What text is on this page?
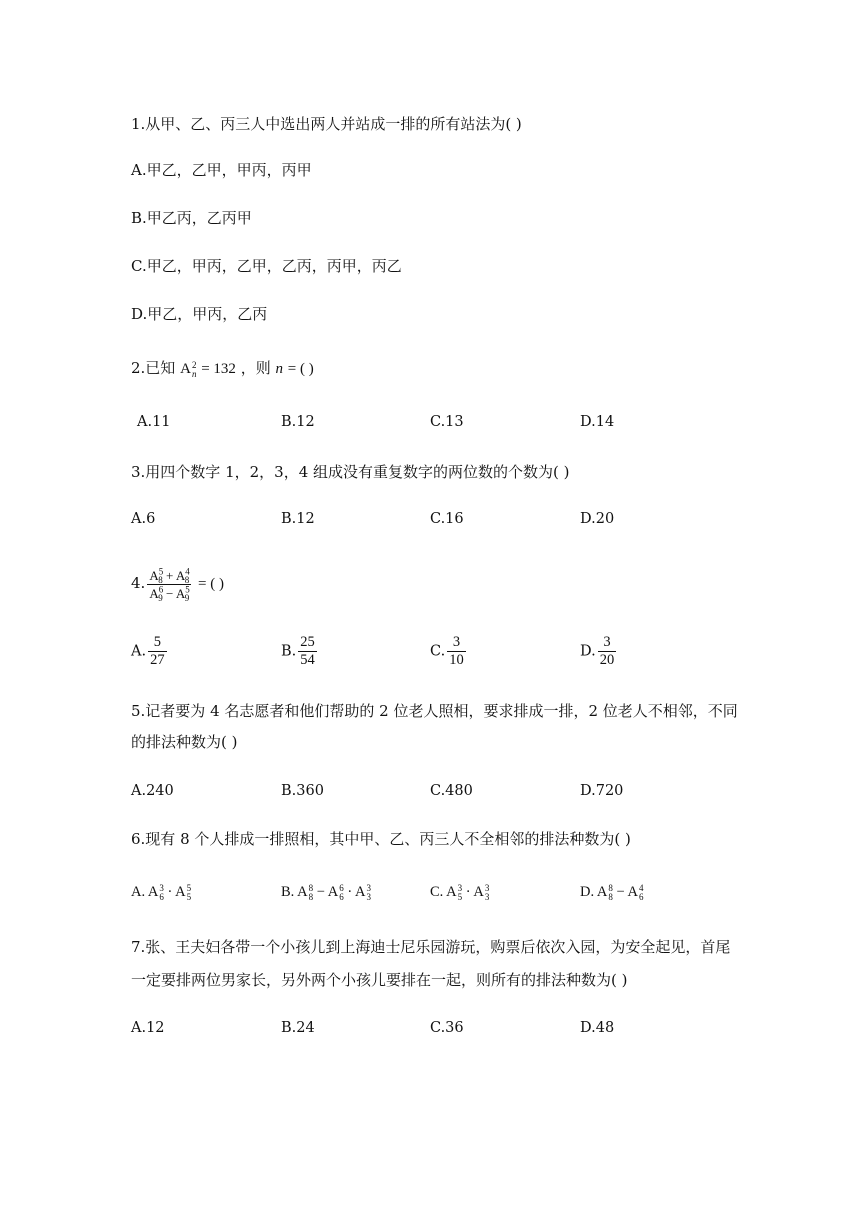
1.从甲、乙、丙三人中选出两人并站成一排的所有站法为( )
A.甲乙，乙甲，甲丙，丙甲
B.甲乙丙，乙丙甲
C.甲乙，甲丙，乙甲，乙丙，丙甲，丙乙
D.甲乙，甲丙，乙丙
2.已知 A 2
n = 132 ，则 n = ( )
A.11	B.12	C.13	D.14
3.用四个数字 1，2，3，4 组成没有重复数字的两位数的个数为( )
A.6	B.12	C.16	D.20
4. $\frac{A^5_8 + A^4_8}{A^6_9 - A^5_9}$ = ( )
A. $\frac{5}{27}$	B. $\frac{25}{54}$	C. $\frac{3}{10}$	D. $\frac{3}{20}$
5.记者要为 4 名志愿者和他们帮助的 2 位老人照相，要求排成一排，2 位老人不相邻，不同
的排法种数为( )
A.240	B.360	C.480	D.720
6.现有 8 个人排成一排照相，其中甲、乙、丙三人不全相邻的排法种数为( )
A. A 3
6 · A 5
5	B. A 8
8 − A 6
6 · A 3
3	C. A 3
5 · A 3
3	D. A 8
8 − A 4
6
7.张、王夫妇各带一个小孩儿到上海迪士尼乐园游玩，购票后依次入园，为安全起见，首尾
一定要排两位男家长，另外两个小孩儿要排在一起，则所有的排法种数为( )
A.12	B.24	C.36	D.48
